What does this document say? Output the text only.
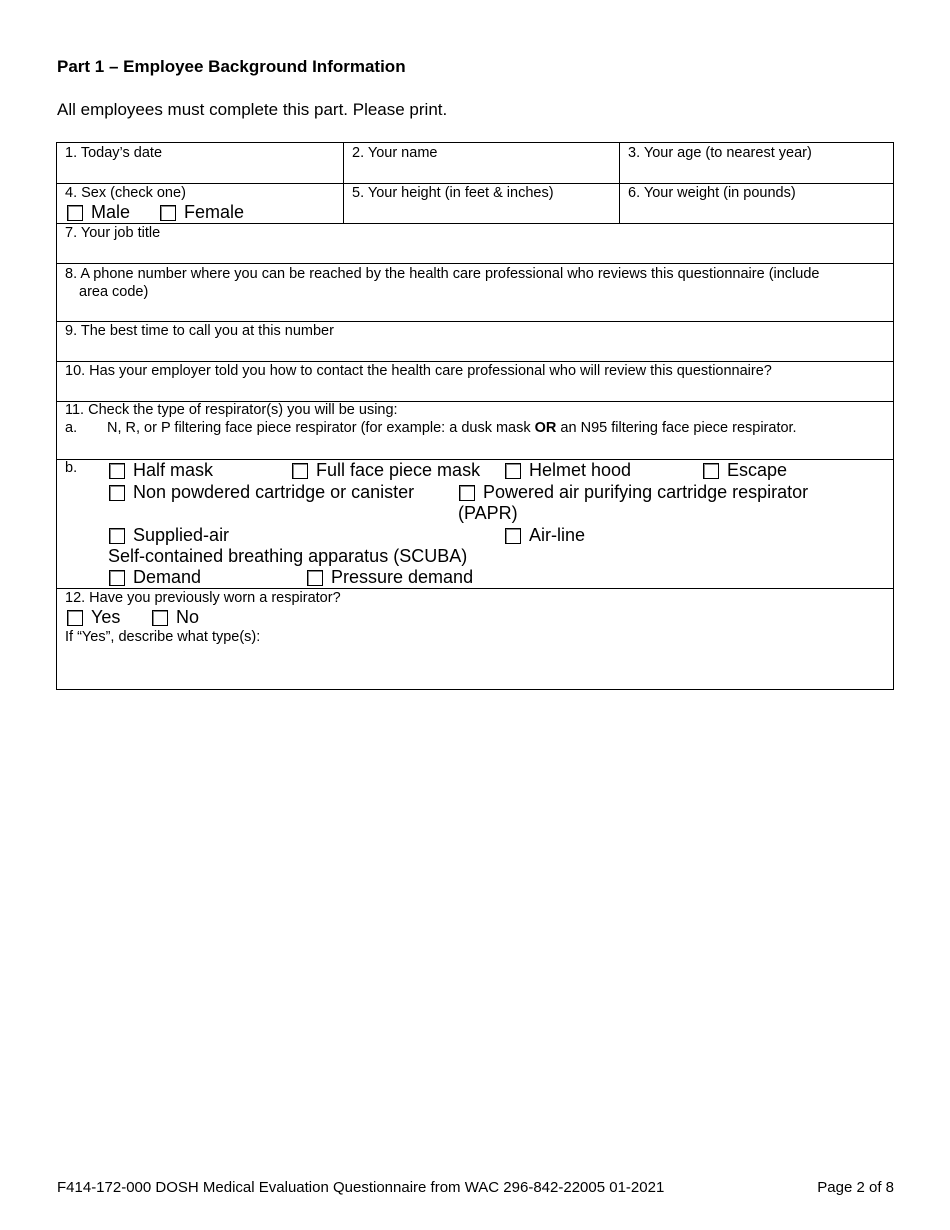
Part 1 – Employee Background Information
All employees must complete this part. Please print.
1. Today’s date	2. Your name	3. Your age (to nearest year)
4. Sex (check one)
Male	Female
5. Your height (in feet & inches)	6. Your weight (in pounds)
7. Your job title
8. A phone number where you can be reached by the health care professional who reviews this questionnaire (include
area code)
9. The best time to call you at this number
10. Has your employer told you how to contact the health care professional who will review this questionnaire?
11. Check the type of respirator(s) you will be using:
a. N, R, or P filtering face piece respirator (for example: a dusk mask OR an N95 filtering face piece respirator.
b.	Half mask	Full face piece mask	Helmet hood	Escape
Non powdered cartridge or canister	Powered air purifying cartridge respirator
(PAPR)
Supplied-air	Air-line
Self-contained breathing apparatus (SCUBA)
Demand	Pressure demand
12. Have you previously worn a respirator?
Yes	No
If “Yes”, describe what type(s):
F414-172-000 DOSH Medical Evaluation Questionnaire from WAC 296-842-22005 01-2021	Page 2 of 8
